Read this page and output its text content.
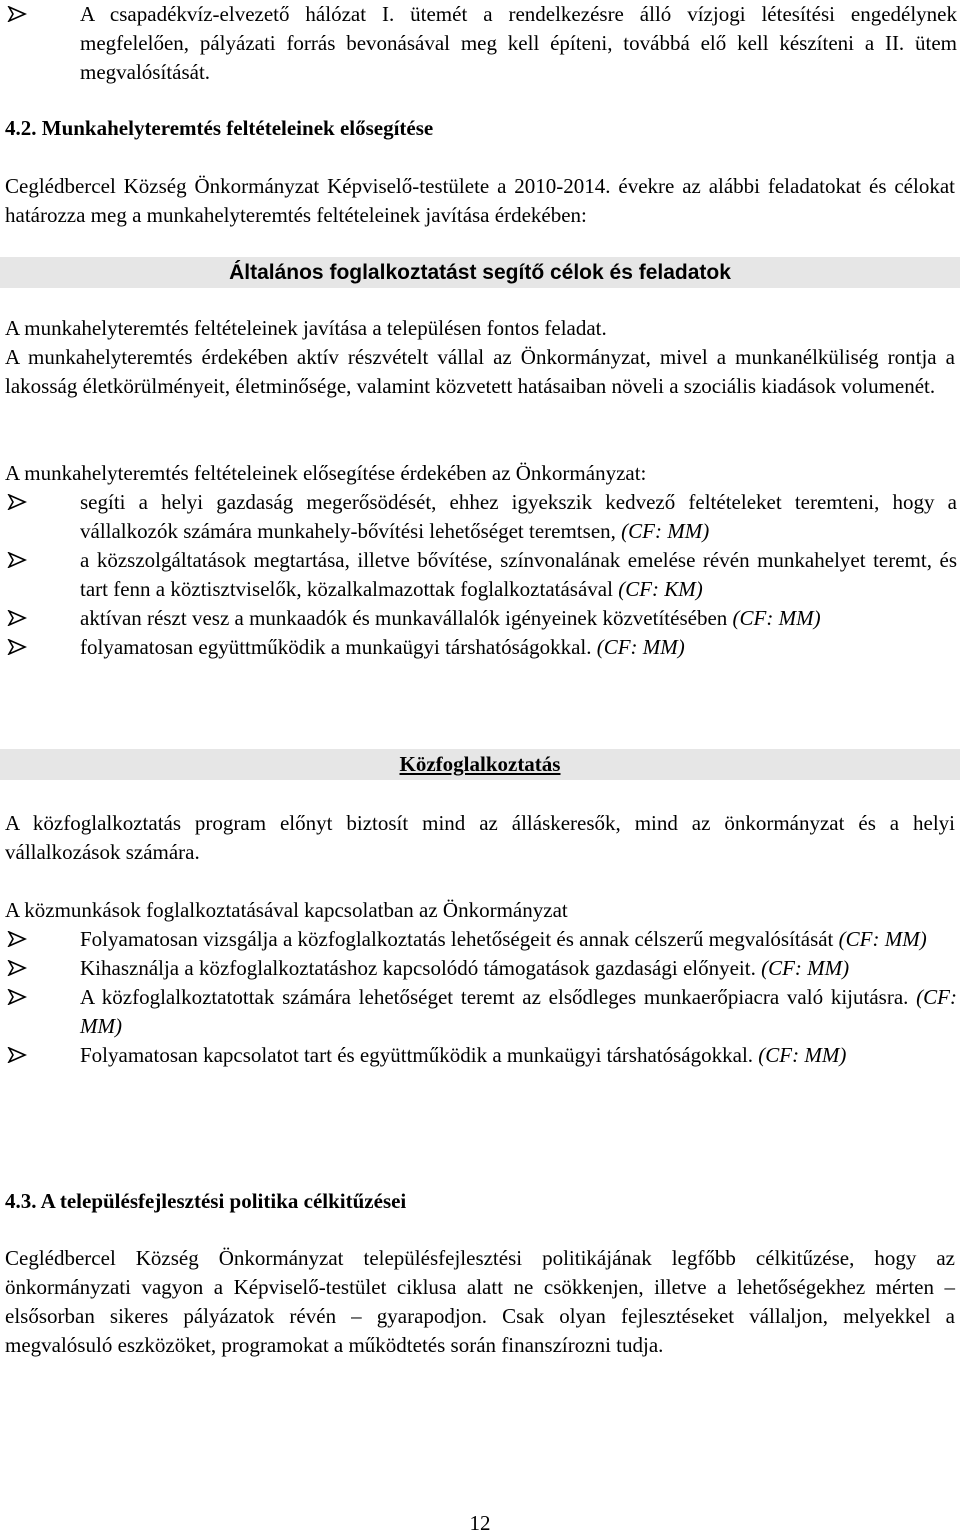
A csapadékvíz-elvezető hálózat I. ütemét a rendelkezésre álló vízjogi létesítési engedélynek megfelelően, pályázati forrás bevonásával meg kell építeni, továbbá elő kell készíteni a II. ütem megvalósítását.

4.2. Munkahelyteremtés feltételeinek elősegítése

Ceglédbercel Község Önkormányzat Képviselő-testülete a 2010-2014. évekre az alábbi feladatokat és célokat határozza meg a munkahelyteremtés feltételeinek javítása érdekében:

Általános foglalkoztatást segítő célok és feladatok

A munkahelyteremtés feltételeinek javítása a településen fontos feladat.

A munkahelyteremtés érdekében aktív részvételt vállal az Önkormányzat, mivel a munkanélküliség rontja a lakosság életkörülményeit, életminősége, valamint közvetett hatásaiban növeli a szociális kiadások volumenét.

A munkahelyteremtés feltételeinek elősegítése érdekében az Önkormányzat:

segíti a helyi gazdaság megerősödését, ehhez igyekszik kedvező feltételeket teremteni, hogy a vállalkozók számára munkahely-bővítési lehetőséget teremtsen, (CF: MM)
a közszolgáltatások megtartása, illetve bővítése, színvonalának emelése révén munkahelyet teremt, és tart fenn a köztisztviselők, közalkalmazottak foglalkoztatásával (CF: KM)
aktívan részt vesz a munkaadók és munkavállalók igényeinek közvetítésében (CF: MM)
folyamatosan együttműködik a munkaügyi társhatóságokkal. (CF: MM)
Közfoglalkoztatás

A közfoglalkoztatás program előnyt biztosít mind az álláskeresők, mind az önkormányzat és a helyi vállalkozások számára.

A közmunkások foglalkoztatásával kapcsolatban az Önkormányzat

Folyamatosan vizsgálja a közfoglalkoztatás lehetőségeit és annak célszerű megvalósítását (CF: MM)
Kihasználja a közfoglalkoztatáshoz kapcsolódó támogatások gazdasági előnyeit. (CF: MM)
A közfoglalkoztatottak számára lehetőséget teremt az elsődleges munkaerőpiacra való kijutásra. (CF: MM)
Folyamatosan kapcsolatot tart és együttműködik a munkaügyi társhatóságokkal. (CF: MM)

4.3. A településfejlesztési politika célkitűzései

Ceglédbercel Község Önkormányzat településfejlesztési politikájának legfőbb célkitűzése, hogy az önkormányzati vagyon a Képviselő-testület ciklusa alatt ne csökkenjen, illetve a lehetőségekhez mérten – elsősorban sikeres pályázatok révén – gyarapodjon. Csak olyan fejlesztéseket vállaljon, melyekkel a megvalósuló eszközöket, programokat a működtetés során finanszírozni tudja.

12
